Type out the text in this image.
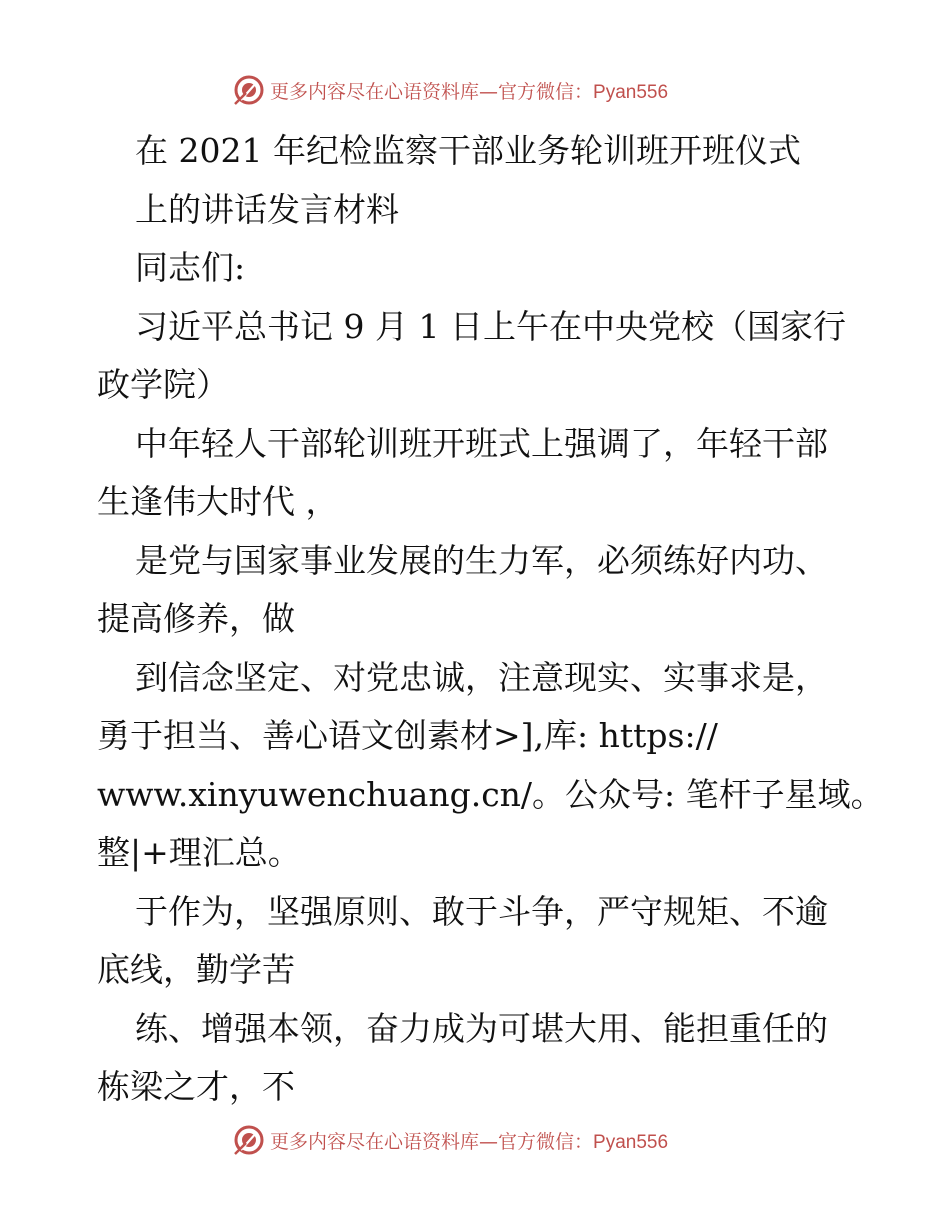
更多内容尽在心语资料库—官方微信：Pyan556
在 2021 年纪检监察干部业务轮训班开班仪式
上的讲话发言材料
同志们:
习近平总书记 9 月 1 日上午在中央党校（国家行
政学院）
中年轻人干部轮训班开班式上强调了，年轻干部
生逢伟大时代 ，
是党与国家事业发展的生力军，必须练好内功、
提高修养，做
到信念坚定、对党忠诚，注意现实、实事求是，
勇于担当、善心语文创素材>],库: https://
www.xinyuwenchuang.cn/。公众号: 笔杆子星域。
整|+理汇总。
于作为，坚强原则、敢于斗争，严守规矩、不逾
底线，勤学苦
练、增强本领，奋力成为可堪大用、能担重任的
栋梁之才，不
更多内容尽在心语资料库—官方微信：Pyan556
